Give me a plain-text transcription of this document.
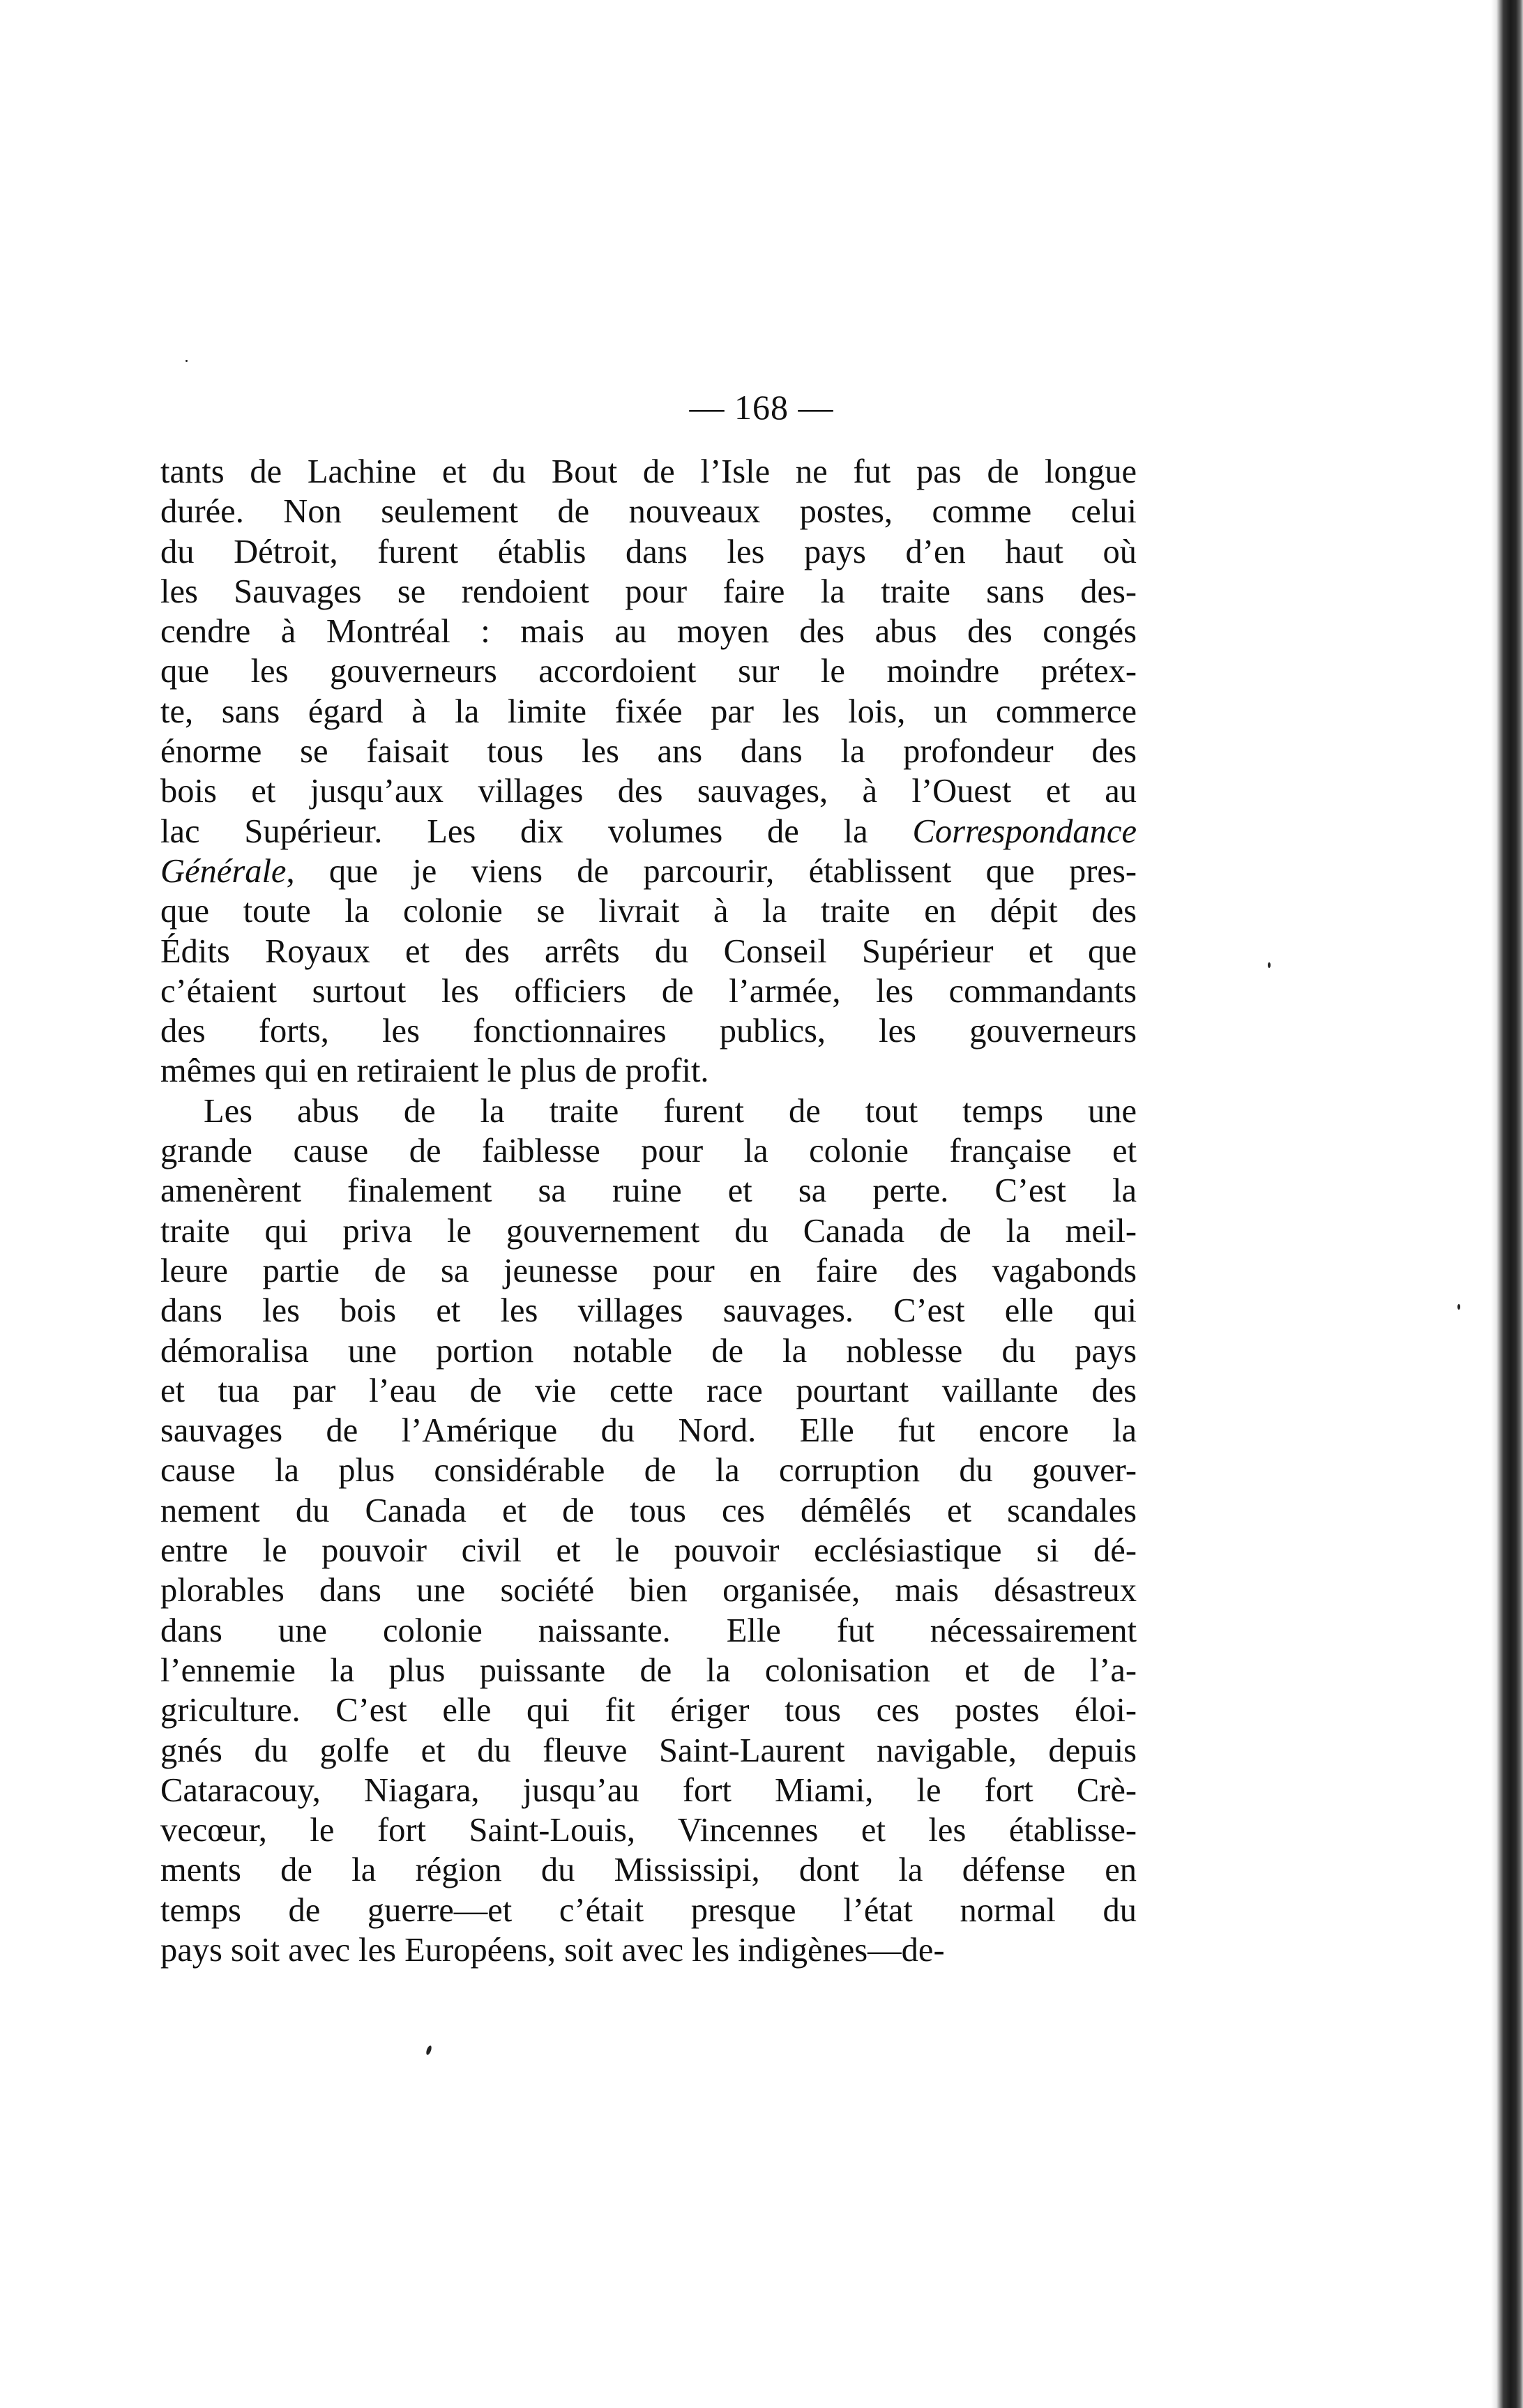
— 168 —
tants de Lachine et du Bout de l’Isle ne fut pas de longue
durée. Non seulement de nouveaux postes, comme celui
du Détroit, furent établis dans les pays d’en haut où
les Sauvages se rendoient pour faire la traite sans des-
cendre à Montréal : mais au moyen des abus des congés
que les gouverneurs accordoient sur le moindre prétex-
te, sans égard à la limite fixée par les lois, un commerce
énorme se faisait tous les ans dans la profondeur des
bois et jusqu’aux villages des sauvages, à l’Ouest et au
lac Supérieur. Les dix volumes de la Correspondance
Générale, que je viens de parcourir, établissent que pres-
que toute la colonie se livrait à la traite en dépit des
Édits Royaux et des arrêts du Conseil Supérieur et que
c’étaient surtout les officiers de l’armée, les commandants
des forts, les fonctionnaires publics, les gouverneurs
mêmes qui en retiraient le plus de profit.
Les abus de la traite furent de tout temps une
grande cause de faiblesse pour la colonie française et
amenèrent finalement sa ruine et sa perte. C’est la
traite qui priva le gouvernement du Canada de la meil-
leure partie de sa jeunesse pour en faire des vagabonds
dans les bois et les villages sauvages. C’est elle qui
démoralisa une portion notable de la noblesse du pays
et tua par l’eau de vie cette race pourtant vaillante des
sauvages de l’Amérique du Nord. Elle fut encore la
cause la plus considérable de la corruption du gouver-
nement du Canada et de tous ces démêlés et scandales
entre le pouvoir civil et le pouvoir ecclésiastique si dé-
plorables dans une société bien organisée, mais désastreux
dans une colonie naissante. Elle fut nécessairement
l’ennemie la plus puissante de la colonisation et de l’a-
griculture. C’est elle qui fit ériger tous ces postes éloi-
gnés du golfe et du fleuve Saint-Laurent navigable, depuis
Cataracouy, Niagara, jusqu’au fort Miami, le fort Crè-
vecœur, le fort Saint-Louis, Vincennes et les établisse-
ments de la région du Mississipi, dont la défense en
temps de guerre—et c’était presque l’état normal du
pays soit avec les Européens, soit avec les indigènes—de-
